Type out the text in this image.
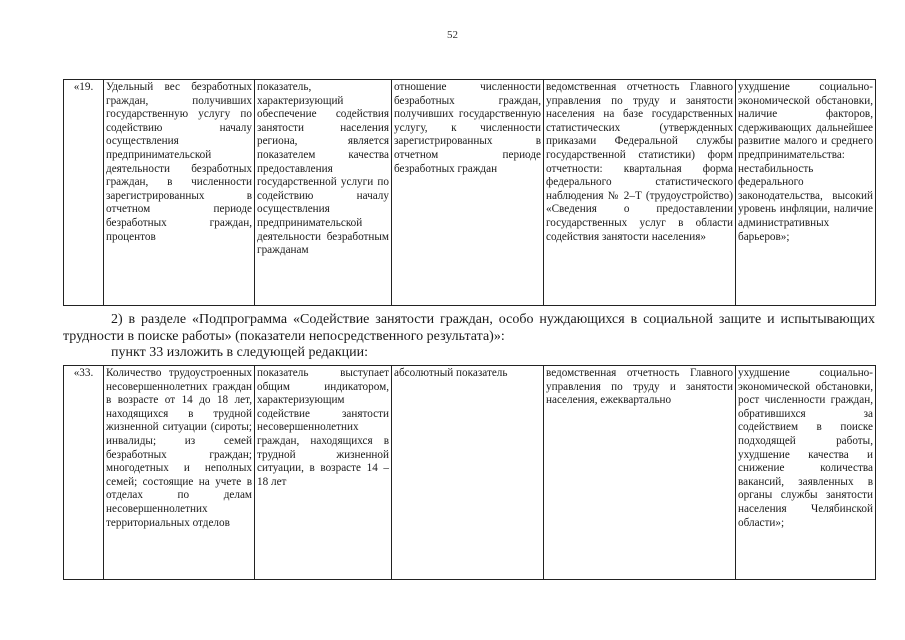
52
«19.	Удельный вес безработных граждан, получивших государственную услугу по содействию началу осуществления предпринимательской деятельности безработных граждан, в численности зарегистрированных в отчетном периоде безработных граждан, процентов	показатель, характеризующий обеспечение содействия занятости населения региона, является показателем качества предоставления государственной услуги по содействию началу осуществления предпринимательской деятельности безработным гражданам	отношение численности безработных граждан, получивших государственную услугу, к численности зарегистрированных в отчетном периоде безработных граждан	ведомственная отчетность Главного управления по труду и занятости населения на базе государственных статистических (утвержденных приказами Федеральной службы государственной статистики) форм отчетности: квартальная форма федерального статистического наблюдения № 2–Т (трудоустройство) «Сведения о предоставлении государственных услуг в области содействия занятости населения»	ухудшение социально-экономической обстановки, наличие факторов, сдерживающих дальнейшее развитие малого и среднего предпринимательства: нестабильность федерального законодательства, высокий уровень инфляции, наличие административных барьеров»;
2) в разделе «Подпрограмма «Содействие занятости граждан, особо нуждающихся в социальной защите и испытывающих трудности в поиске работы» (показатели непосредственного результата)»:
пункт 33 изложить в следующей редакции:
«33.	Количество трудоустроенных несовершеннолетних граждан в возрасте от 14 до 18 лет, находящихся в трудной жизненной ситуации (сироты; инвалиды; из семей безработных граждан; многодетных и неполных семей; состоящие на учете в отделах по делам несовершеннолетних территориальных отделов	показатель выступает общим индикатором, характеризующим содействие занятости несовершеннолетних граждан, находящихся в трудной жизненной ситуации, в возрасте 14 – 18 лет	абсолютный показатель	ведомственная отчетность Главного управления по труду и занятости населения, ежеквартально	ухудшение социально-экономической обстановки, рост численности граждан, обратившихся за содействием в поиске подходящей работы, ухудшение качества и снижение количества вакансий, заявленных в органы службы занятости населения Челябинской области»;
